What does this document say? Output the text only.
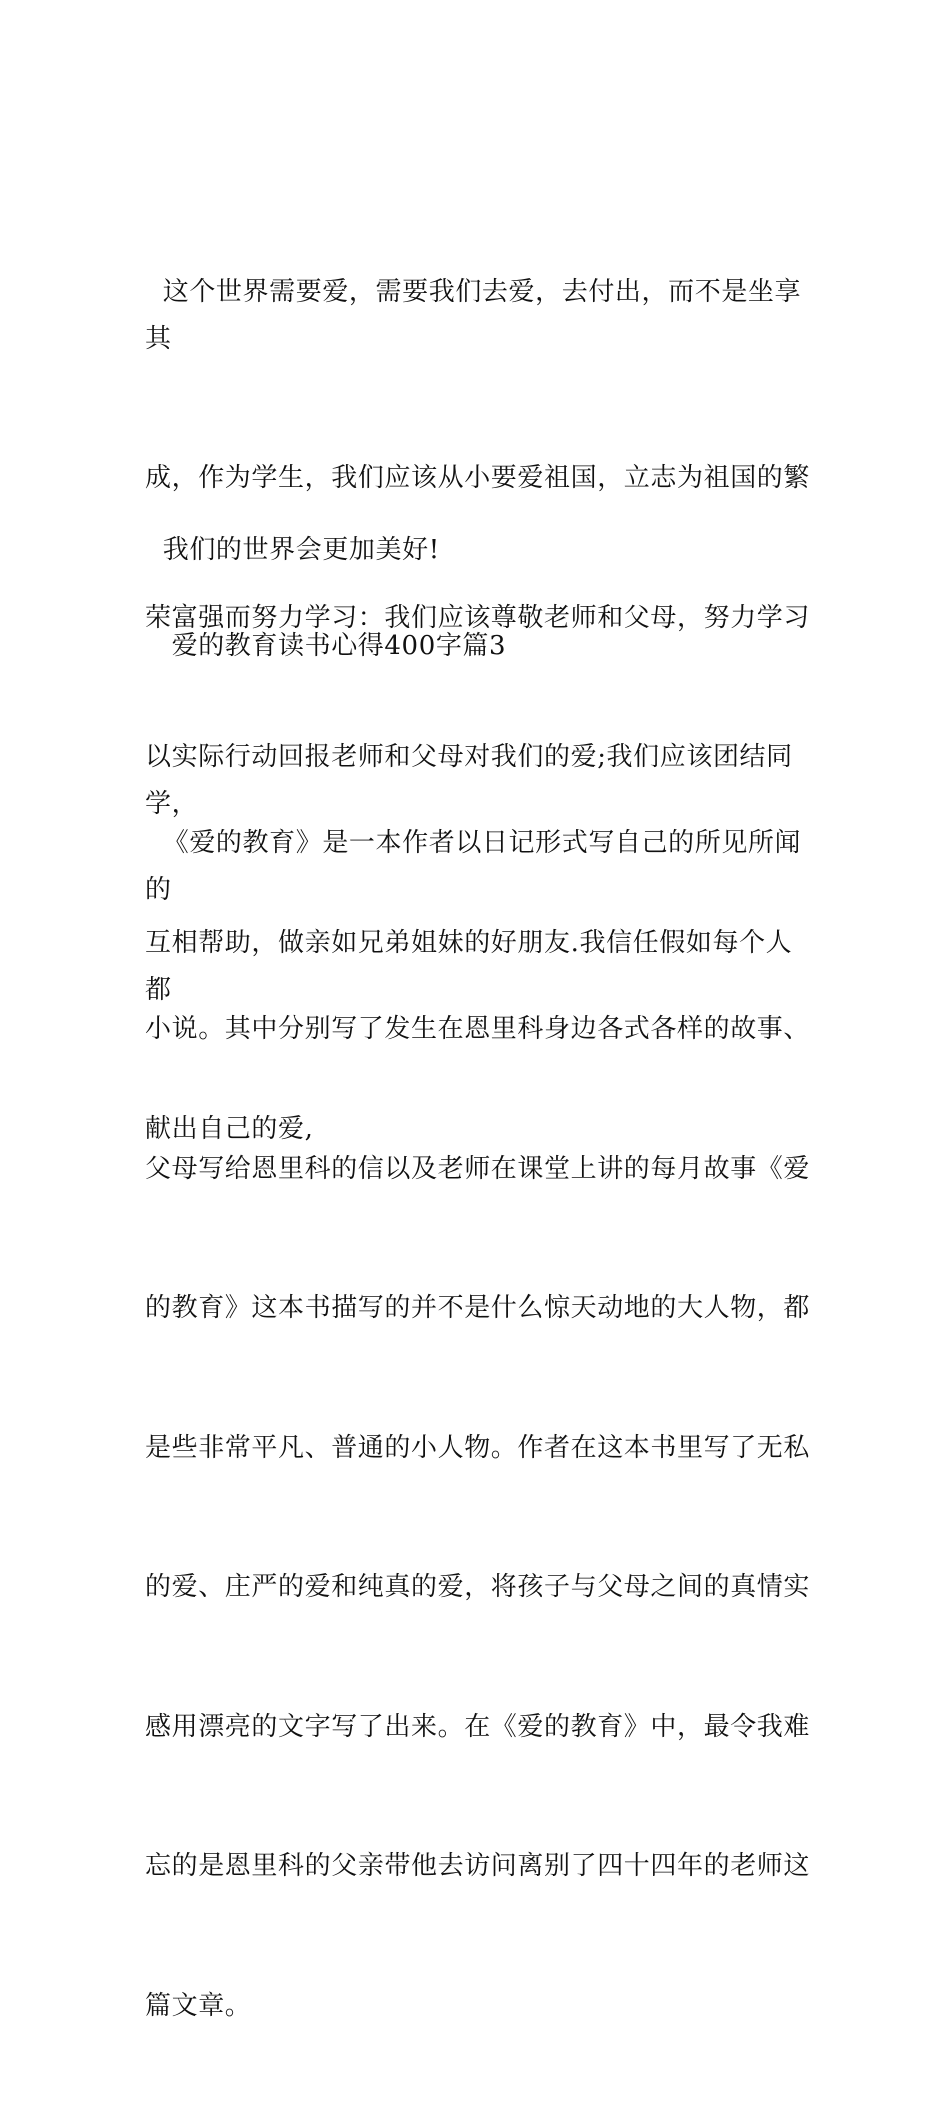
这个世界需要爱，需要我们去爱，去付出，而不是坐享其

成，作为学生，我们应该从小要爱祖国，立志为祖国的繁

荣富强而努力学习：我们应该尊敬老师和父母，努力学习

以实际行动回报老师和父母对我们的爱;我们应该团结同学，

互相帮助，做亲如兄弟姐妹的好朋友.我信任假如每个人都

献出自己的爱,

我们的世界会更加美好!
爱的教育读书心得400字篇3

《爱的教育》是一本作者以日记形式写自己的所见所闻的

小说。其中分别写了发生在恩里科身边各式各样的故事、

父母写给恩里科的信以及老师在课堂上讲的每月故事《爱

的教育》这本书描写的并不是什么惊天动地的大人物，都

是些非常平凡、普通的小人物。作者在这本书里写了无私

的爱、庄严的爱和纯真的爱，将孩子与父母之间的真情实

感用漂亮的文字写了出来。在《爱的教育》中，最令我难

忘的是恩里科的父亲带他去访问离别了四十四年的老师这

篇文章。
